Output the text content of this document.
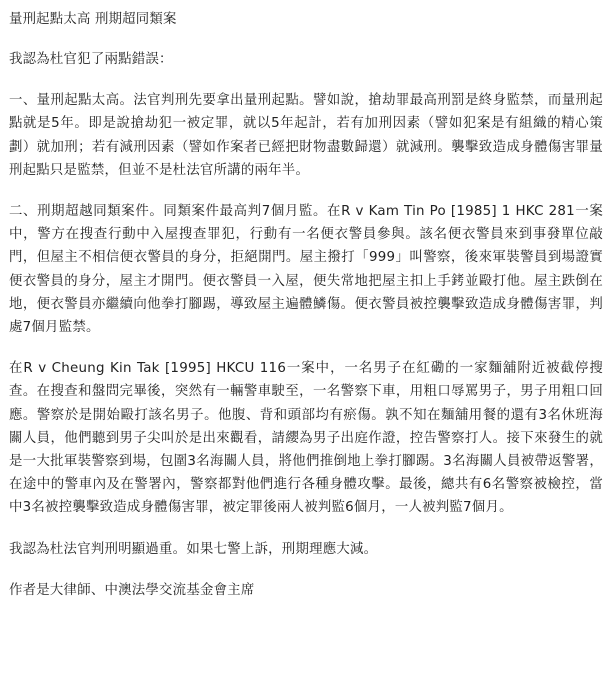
量刑起點太高 刑期超同類案

我認為杜官犯了兩點錯誤：

一、量刑起點太高。法官判刑先要拿出量刑起點。譬如說，搶劫罪最高刑罰是終身監禁，而量刑起點就是5年。即是說搶劫犯一被定罪，就以5年起計，若有加刑因素（譬如犯案是有組織的精心策劃）就加刑；若有減刑因素（譬如作案者已經把財物盡數歸還）就減刑。襲擊致造成身體傷害罪量刑起點只是監禁，但並不是杜法官所講的兩年半。

二、刑期超越同類案件。同類案件最高判7個月監。在R v Kam Tin Po [1985] 1 HKC 281一案中，警方在搜查行動中入屋搜查罪犯，行動有一名便衣警員參與。該名便衣警員來到事發單位敲門，但屋主不相信便衣警員的身分，拒絕開門。屋主撥打「999」叫警察，後來軍裝警員到場證實便衣警員的身分，屋主才開門。便衣警員一入屋，便失常地把屋主扣上手銬並毆打他。屋主跌倒在地，便衣警員亦繼續向他拳打腳踢，導致屋主遍體鱗傷。便衣警員被控襲擊致造成身體傷害罪，判處7個月監禁。

在R v Cheung Kin Tak [1995] HKCU 116一案中，一名男子在紅磡的一家麵舖附近被截停搜查。在搜查和盤問完畢後，突然有一輛警車駛至，一名警察下車，用粗口辱罵男子，男子用粗口回應。警察於是開始毆打該名男子。他腹、背和頭部均有瘀傷。孰不知在麵舖用餐的還有3名休班海關人員，他們聽到男子尖叫於是出來觀看，請纓為男子出庭作證，控告警察打人。接下來發生的就是一大批軍裝警察到場，包圍3名海關人員，將他們推倒地上拳打腳踢。3名海關人員被帶返警署，在途中的警車內及在警署內，警察都對他們進行各種身體攻擊。最後，總共有6名警察被檢控，當中3名被控襲擊致造成身體傷害罪，被定罪後兩人被判監6個月，一人被判監7個月。

我認為杜法官判刑明顯過重。如果七警上訴，刑期理應大減。

作者是大律師、中澳法學交流基金會主席
